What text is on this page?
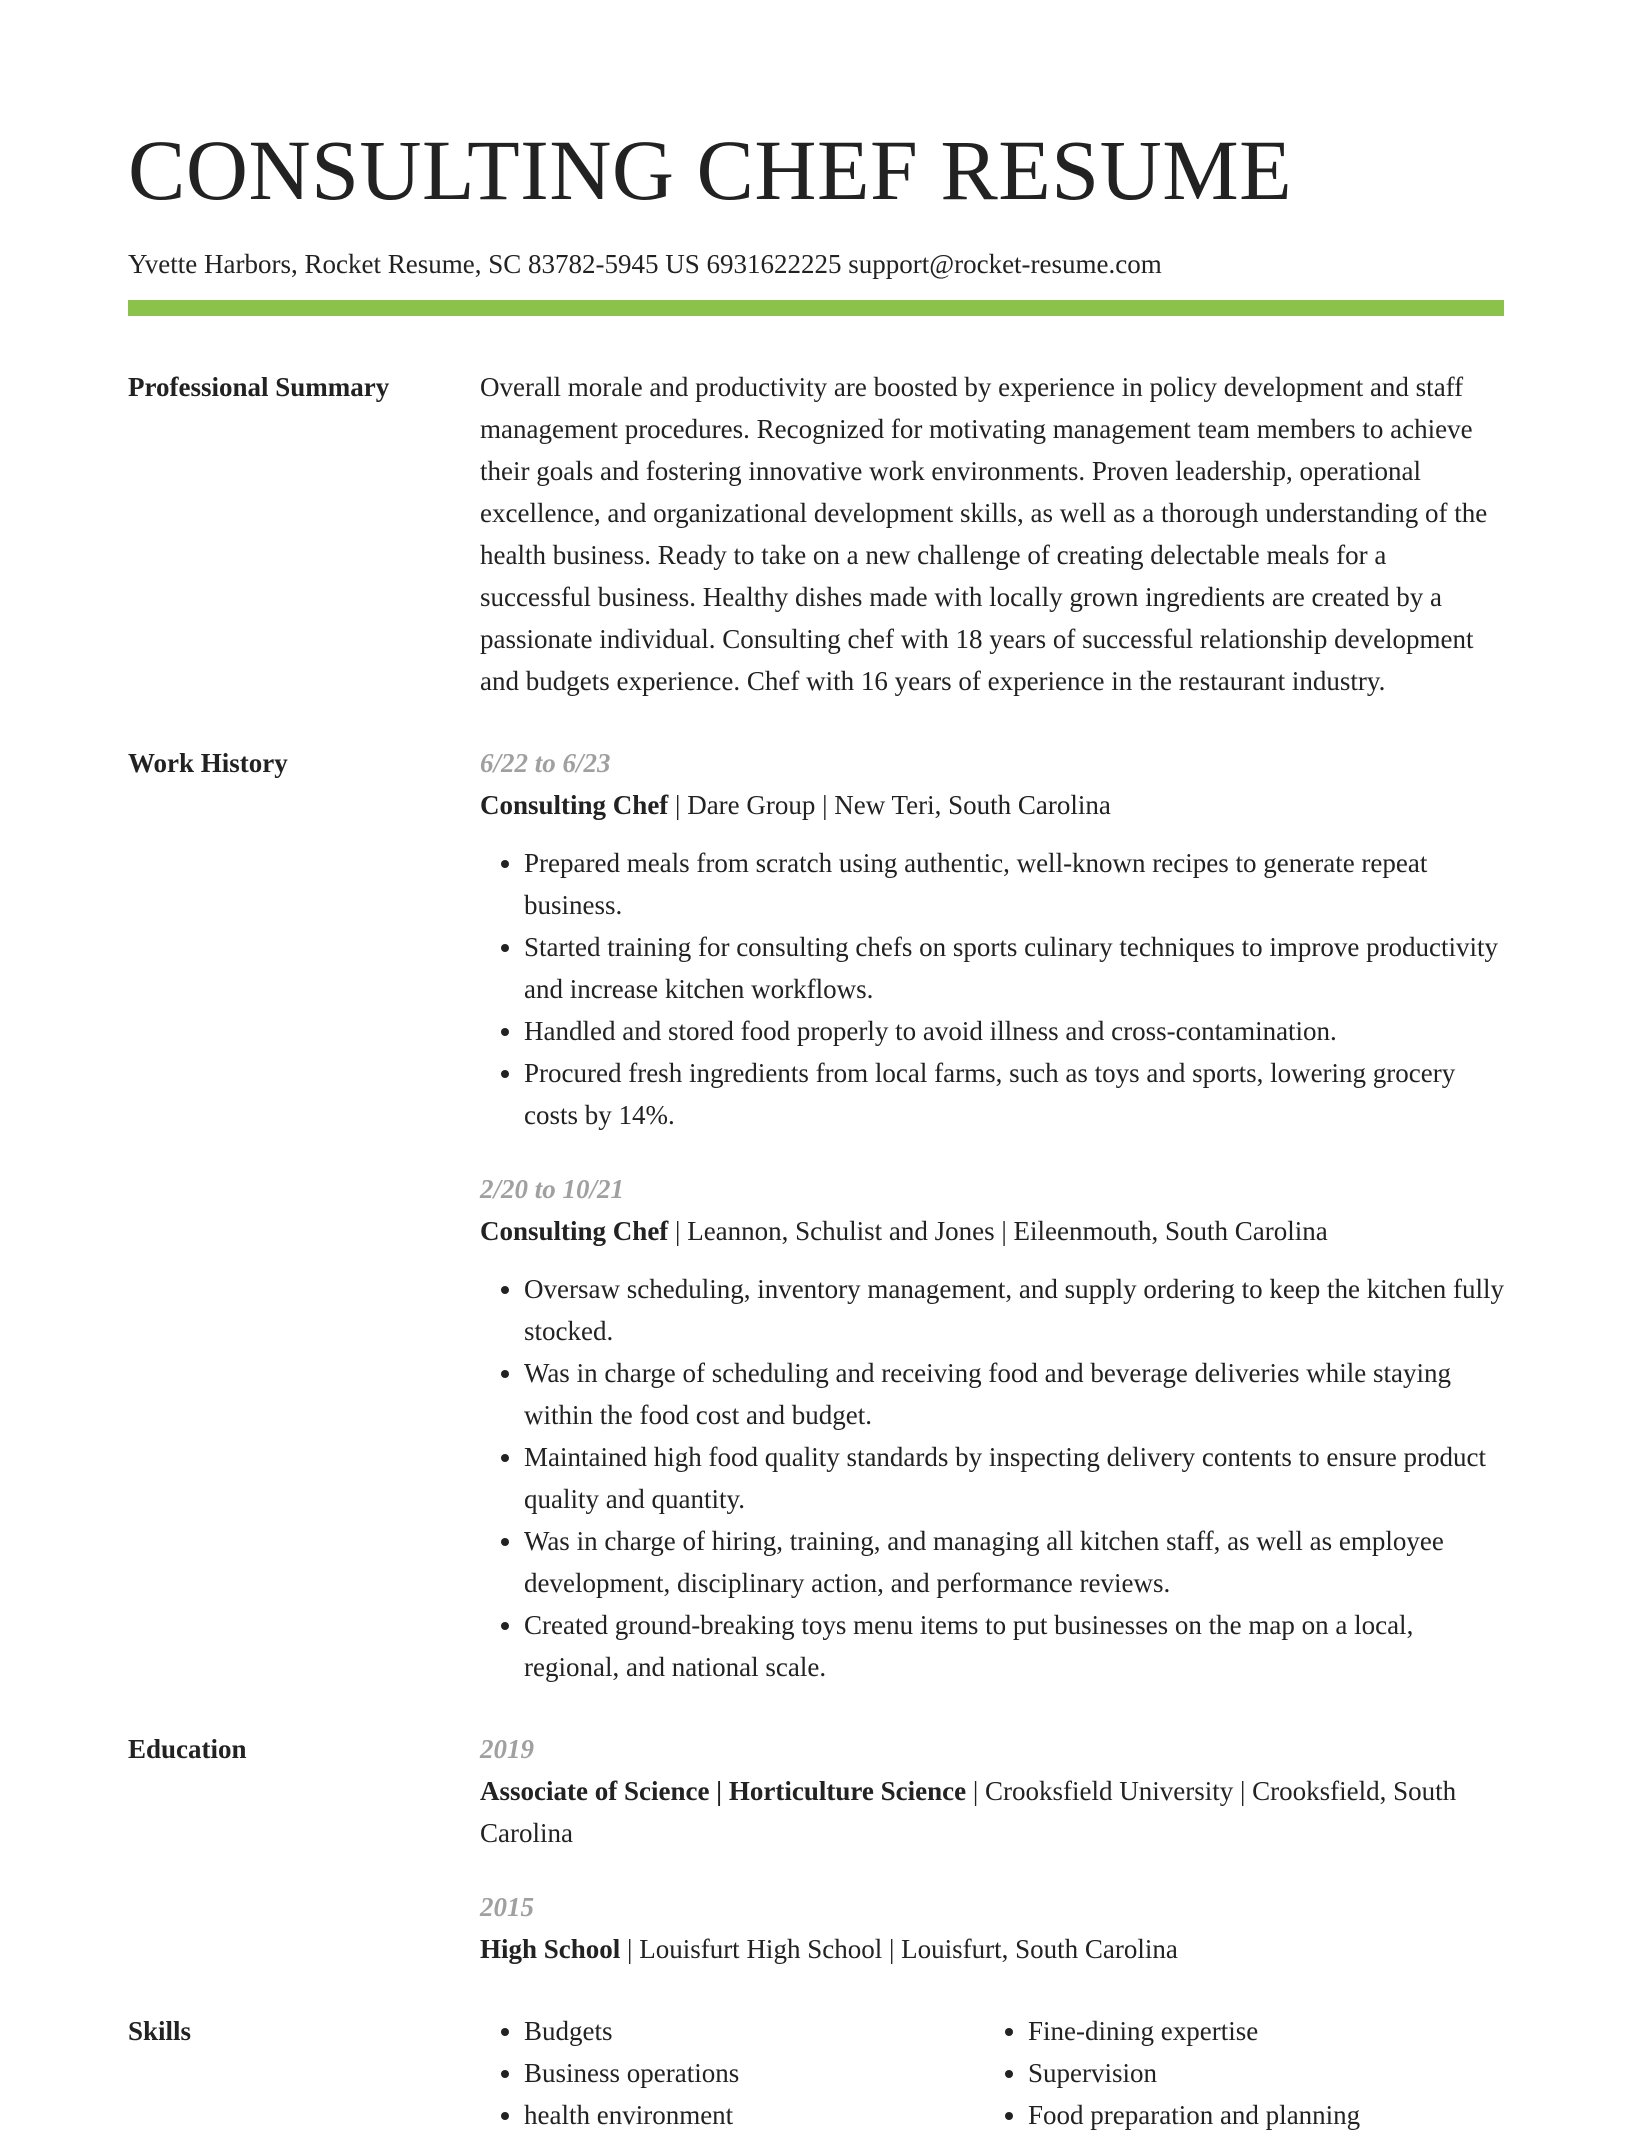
CONSULTING CHEF RESUME
Yvette Harbors, Rocket Resume, SC 83782-5945 US 6931622225 support@rocket-resume.com
Professional Summary	Overall morale and productivity are boosted by experience in policy development and staff management procedures. Recognized for motivating management team members to achieve their goals and fostering innovative work environments. Proven leadership, operational excellence, and organizational development skills, as well as a thorough understanding of the health business. Ready to take on a new challenge of creating delectable meals for a successful business. Healthy dishes made with locally grown ingredients are created by a passionate individual. Consulting chef with 18 years of successful relationship development and budgets experience. Chef with 16 years of experience in the restaurant industry.

Work History	6/22 to 6/23
Consulting Chef | Dare Group | New Teri, South Carolina
• Prepared meals from scratch using authentic, well-known recipes to generate repeat business.
• Started training for consulting chefs on sports culinary techniques to improve productivity and increase kitchen workflows.
• Handled and stored food properly to avoid illness and cross-contamination.
• Procured fresh ingredients from local farms, such as toys and sports, lowering grocery costs by 14%.
2/20 to 10/21
Consulting Chef | Leannon, Schulist and Jones | Eileenmouth, South Carolina
• Oversaw scheduling, inventory management, and supply ordering to keep the kitchen fully stocked.
• Was in charge of scheduling and receiving food and beverage deliveries while staying within the food cost and budget.
• Maintained high food quality standards by inspecting delivery contents to ensure product quality and quantity.
• Was in charge of hiring, training, and managing all kitchen staff, as well as employee development, disciplinary action, and performance reviews.
• Created ground-breaking toys menu items to put businesses on the map on a local, regional, and national scale.
Education	2019
Associate of Science | Horticulture Science | Crooksfield University | Crooksfield, South Carolina
2015
High School | Louisfurt High School | Louisfurt, South Carolina
Skills
•	Budgets
• Business operations
• health environment
• Fine-dining expertise
• Supervision
• Food preparation and planning
